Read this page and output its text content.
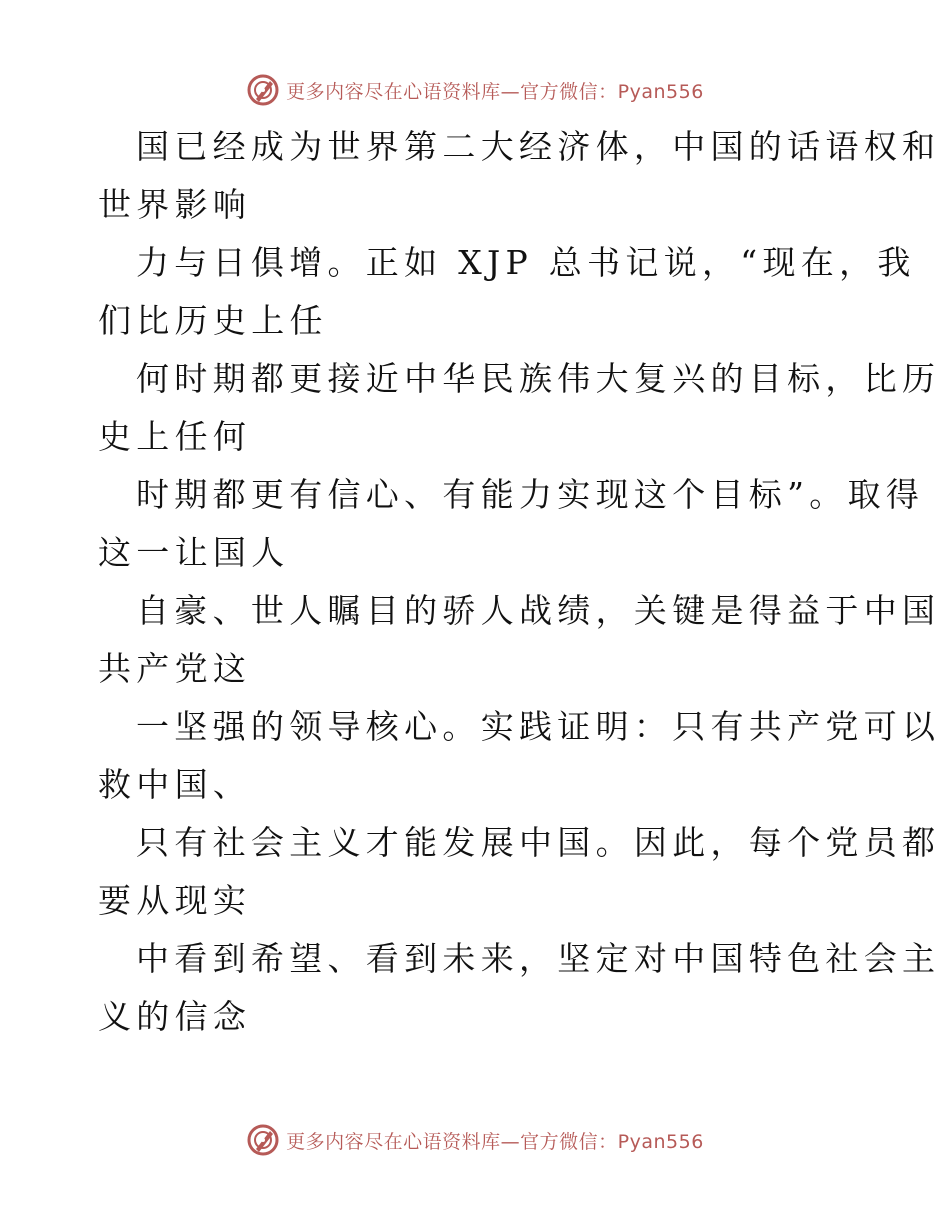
更多内容尽在心语资料库—官方微信：Pyan556
国已经成为世界第二大经济体，中国的话语权和
世界影响
力与日俱增。正如 XJP 总书记说，“现在，我
们比历史上任
何时期都更接近中华民族伟大复兴的目标，比历
史上任何
时期都更有信心、有能力实现这个目标”。取得
这一让国人
自豪、世人瞩目的骄人战绩，关键是得益于中国
共产党这
一坚强的领导核心。实践证明：只有共产党可以
救中国、
只有社会主义才能发展中国。因此，每个党员都
要从现实
中看到希望、看到未来，坚定对中国特色社会主
义的信念
更多内容尽在心语资料库—官方微信：Pyan556
